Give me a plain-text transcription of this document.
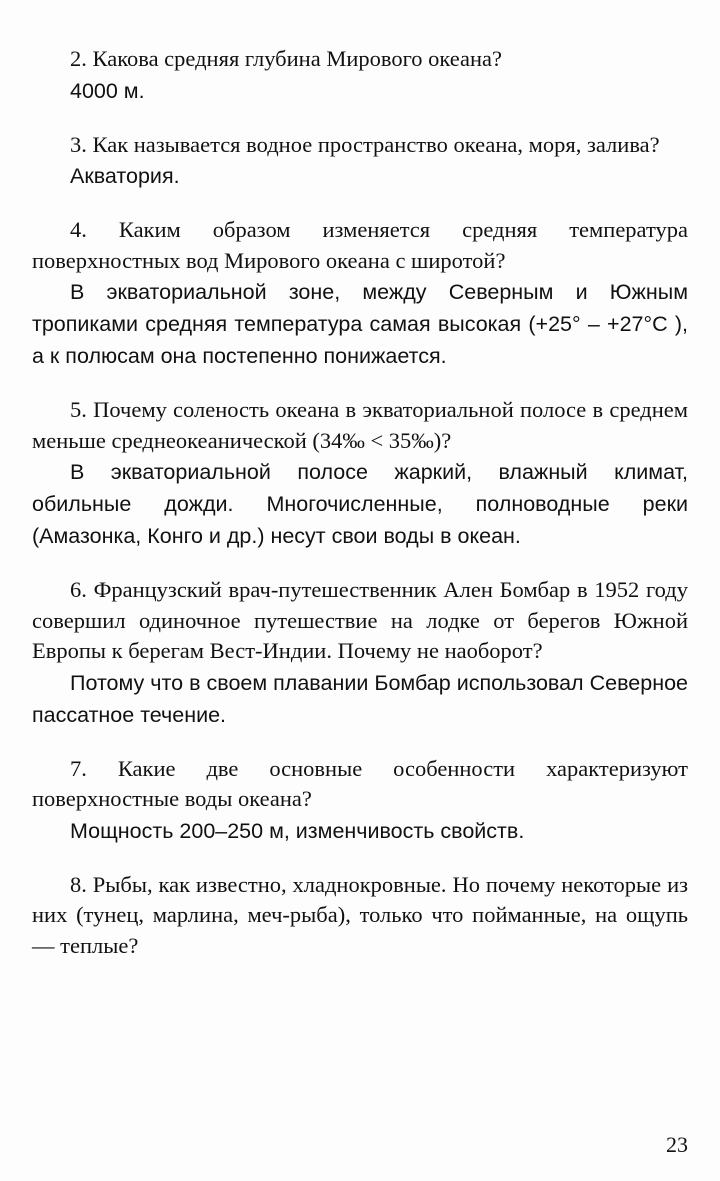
2. Какова средняя глубина Мирового океана?

4000 м.

3. Как называется водное пространство океана, моря, залива?

Акватория.

4. Каким образом изменяется средняя температура поверхностных вод Мирового океана с широтой?

В экваториальной зоне, между Северным и Южным тропиками средняя температура самая высокая (+25° – +27°С ), а к полюсам она постепенно понижается.

5. Почему соленость океана в экваториальной полосе в среднем меньше среднеокеанической (34‰ < 35‰)?

В экваториальной полосе жаркий, влажный климат, обильные дожди. Многочисленные, полноводные реки (Амазонка, Конго и др.) несут свои воды в океан.

6. Французский врач-путешественник Ален Бомбар в 1952 году совершил одиночное путешествие на лодке от берегов Южной Европы к берегам Вест-Индии. Почему не наоборот?

Потому что в своем плавании Бомбар использовал Северное пассатное течение.

7. Какие две основные особенности характеризуют поверхностные воды океана?

Мощность 200–250 м, изменчивость свойств.

8. Рыбы, как известно, хладнокровные. Но почему некоторые из них (тунец, марлина, меч-рыба), только что пойманные, на ощупь — теплые?

23
